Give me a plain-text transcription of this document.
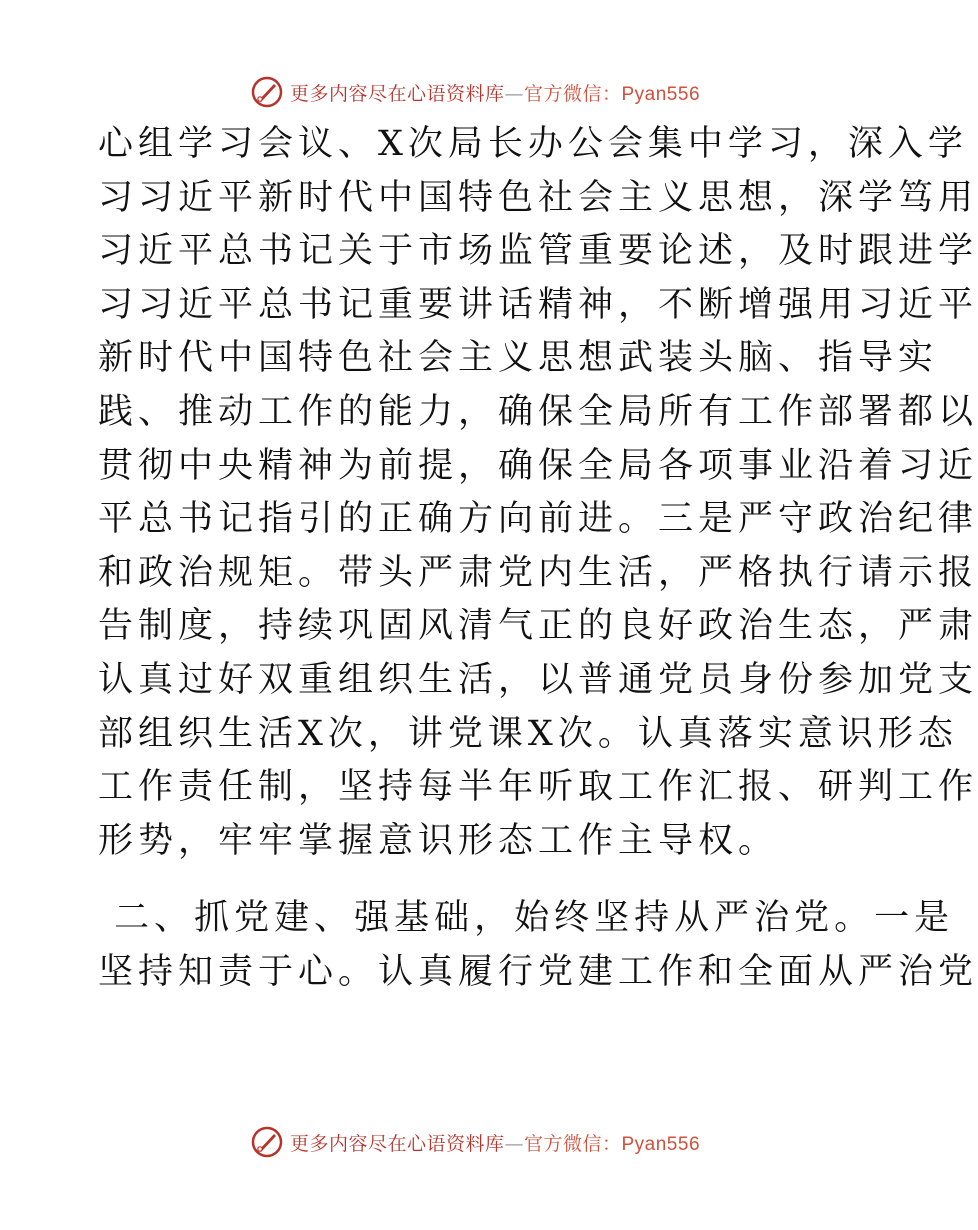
更多内容尽在心语资料库—官方微信：Pyan556
心组学习会议、X次局长办公会集中学习，深入学
习习近平新时代中国特色社会主义思想，深学笃用
习近平总书记关于市场监管重要论述，及时跟进学
习习近平总书记重要讲话精神，不断增强用习近平
新时代中国特色社会主义思想武装头脑、指导实
践、推动工作的能力，确保全局所有工作部署都以
贯彻中央精神为前提，确保全局各项事业沿着习近
平总书记指引的正确方向前进。三是严守政治纪律
和政治规矩。带头严肃党内生活，严格执行请示报
告制度，持续巩固风清气正的良好政治生态，严肃
认真过好双重组织生活，以普通党员身份参加党支
部组织生活X次，讲党课X次。认真落实意识形态
工作责任制，坚持每半年听取工作汇报、研判工作
形势，牢牢掌握意识形态工作主导权。
二、抓党建、强基础，始终坚持从严治党。一是
坚持知责于心。认真履行党建工作和全面从严治党
更多内容尽在心语资料库—官方微信：Pyan556
